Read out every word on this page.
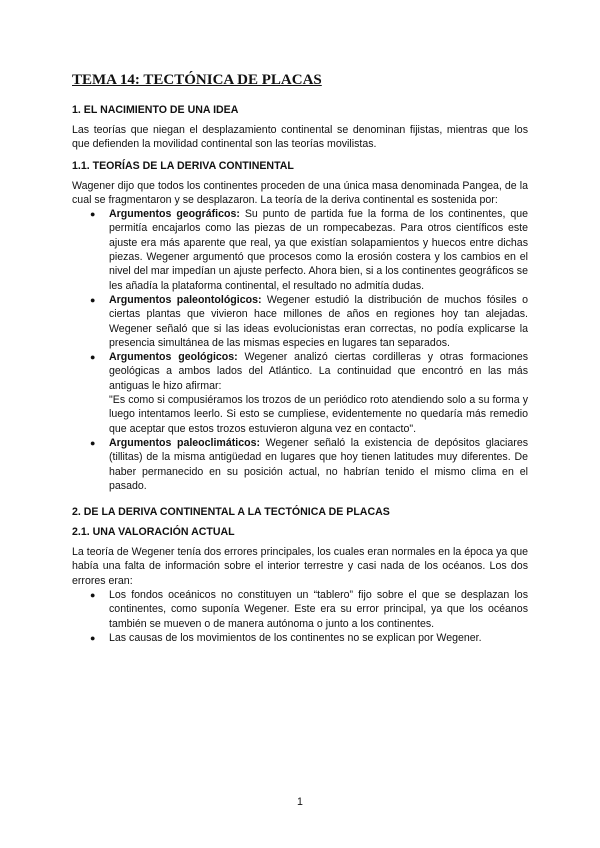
TEMA 14: TECTÓNICA DE PLACAS
1. EL NACIMIENTO DE UNA IDEA

Las teorías que niegan el desplazamiento continental se denominan fijistas, mientras que los que defienden la movilidad continental son las teorías movilistas.

1.1. TEORÍAS DE LA DERIVA CONTINENTAL

Wagener dijo que todos los continentes proceden de una única masa denominada Pangea, de la cual se fragmentaron y se desplazaron. La teoría de la deriva continental es sostenida por:

● Argumentos geográficos: Su punto de partida fue la forma de los continentes, que permitía encajarlos como las piezas de un rompecabezas. Para otros científicos este ajuste era más aparente que real, ya que existían solapamientos y huecos entre dichas piezas. Wegener argumentó que procesos como la erosión costera y los cambios en el nivel del mar impedían un ajuste perfecto. Ahora bien, si a los continentes geográficos se les añadía la plataforma continental, el resultado no admitía dudas.
● Argumentos paleontológicos: Wegener estudió la distribución de muchos fósiles o ciertas plantas que vivieron hace millones de años en regiones hoy tan alejadas. Wegener señaló que si las ideas evolucionistas eran correctas, no podía explicarse la presencia simultánea de las mismas especies en lugares tan separados.
● Argumentos geológicos: Wegener analizó ciertas cordilleras y otras formaciones geológicas a ambos lados del Atlántico. La continuidad que encontró en las más antiguas le hizo afirmar:
"Es como si compusiéramos los trozos de un periódico roto atendiendo solo a su forma y luego intentamos leerlo. Si esto se cumpliese, evidentemente no quedaría más remedio que aceptar que estos trozos estuvieron alguna vez en contacto".
● Argumentos paleoclimáticos: Wegener señaló la existencia de depósitos glaciares (tillitas) de la misma antigüedad en lugares que hoy tienen latitudes muy diferentes. De haber permanecido en su posición actual, no habrían tenido el mismo clima en el pasado.
2. DE LA DERIVA CONTINENTAL A LA TECTÓNICA DE PLACAS
2.1. UNA VALORACIÓN ACTUAL

La teoría de Wegener tenía dos errores principales, los cuales eran normales en la época ya que había una falta de información sobre el interior terrestre y casi nada de los océanos. Los dos errores eran:

● Los fondos oceánicos no constituyen un “tablero” fijo sobre el que se desplazan los continentes, como suponía Wegener. Este era su error principal, ya que los océanos también se mueven o de manera autónoma o junto a los continentes.
● Las causas de los movimientos de los continentes no se explican por Wegener.
1
